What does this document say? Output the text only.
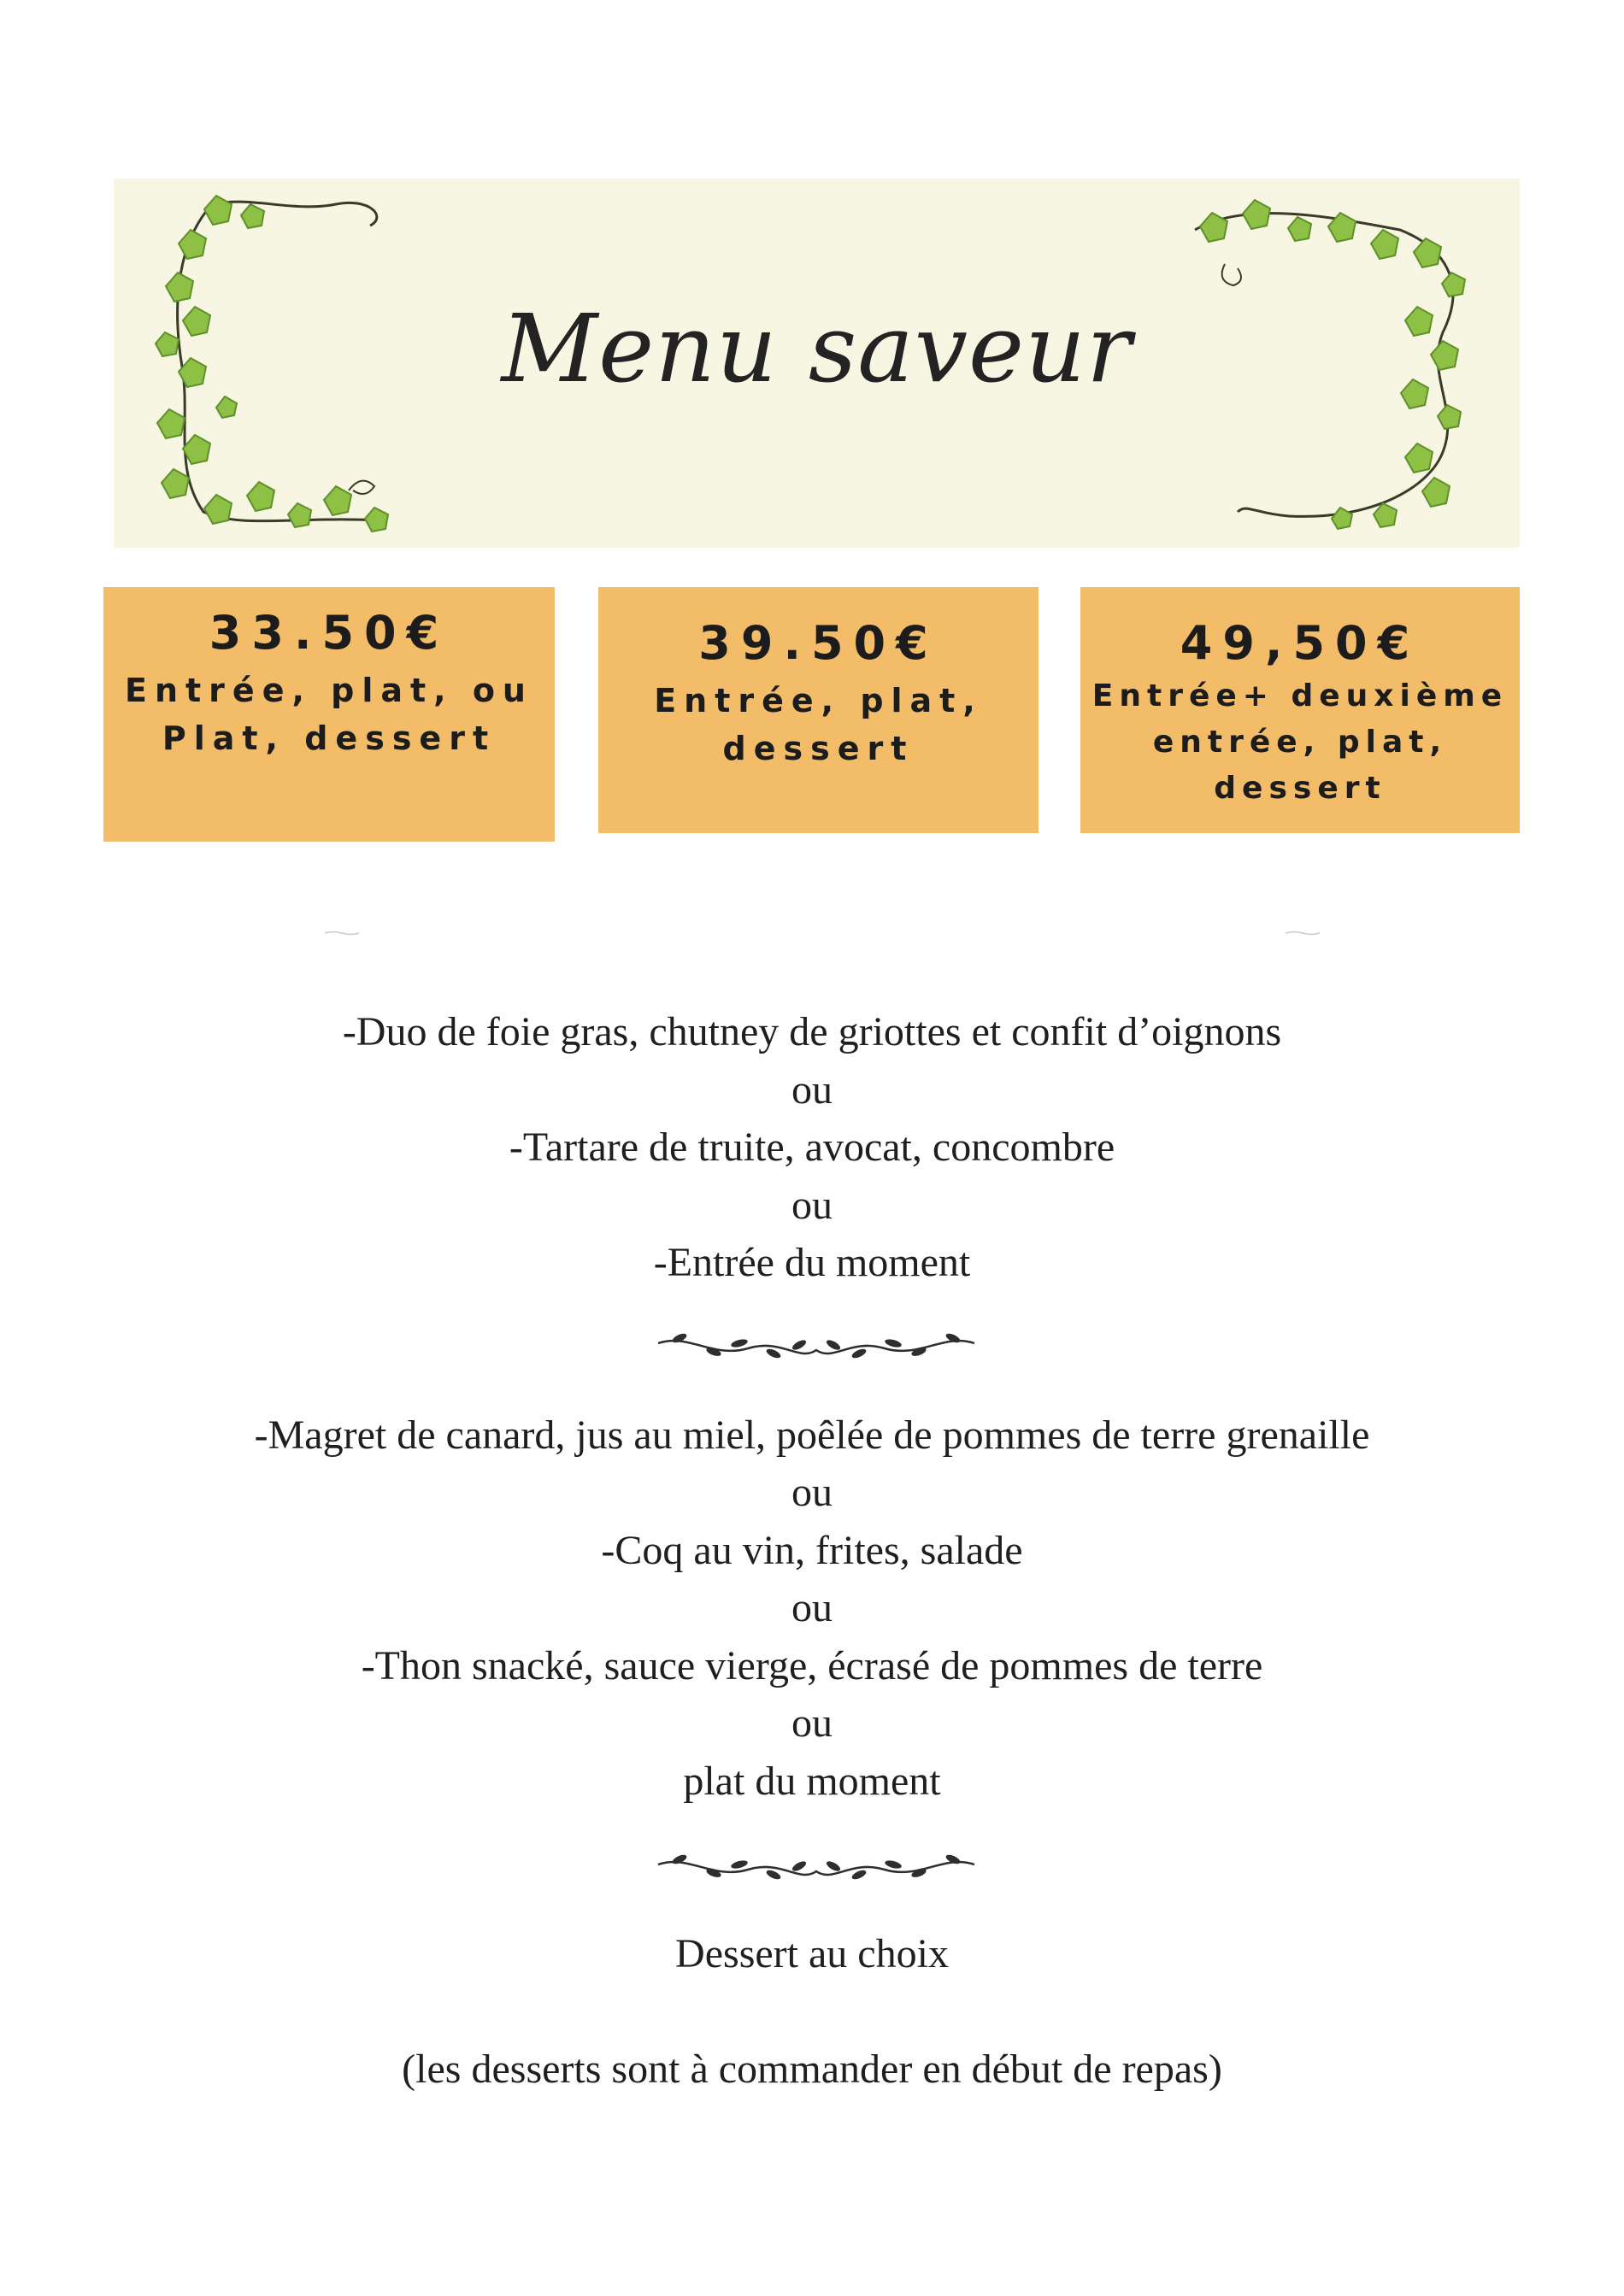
Menu saveur
33.50€
Entrée, plat, ou
Plat, dessert
39.50€
Entrée, plat,
dessert
49,50€
Entrée+ deuxième
entrée, plat,
dessert
-Duo de foie gras, chutney de griottes et confit d’oignons
ou
-Tartare de truite, avocat, concombre
ou
-Entrée du moment
-Magret de canard, jus au miel, poêlée de pommes de terre grenaille
ou
-Coq au vin, frites, salade
ou
-Thon snacké, sauce vierge, écrasé de pommes de terre
ou
plat du moment
Dessert au choix
(les desserts sont à commander en début de repas)
